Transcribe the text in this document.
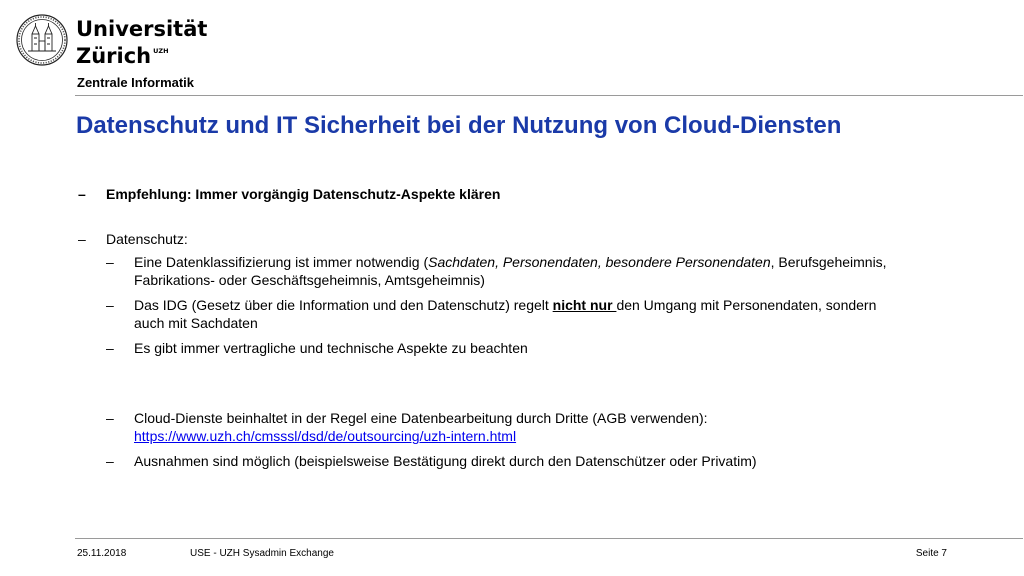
Universität
Zürich $^{UZH}$
Zentrale Informatik
Datenschutz und IT Sicherheit bei der Nutzung von Cloud-Diensten
– Empfehlung: Immer vorgängig Datenschutz-Aspekte klären
– Datenschutz:
– Eine Datenklassifizierung ist immer notwendig (Sachdaten, Personendaten, besondere Personendaten, Berufsgeheimnis,
Fabrikations- oder Geschäftsgeheimnis, Amtsgeheimnis)
– Das IDG (Gesetz über die Information und den Datenschutz) regelt nicht nur den Umgang mit Personendaten, sondern
auch mit Sachdaten
– Es gibt immer vertragliche und technische Aspekte zu beachten
– Cloud-Dienste beinhaltet in der Regel eine Datenbearbeitung durch Dritte (AGB verwenden):
https://www.uzh.ch/cmsssl/dsd/de/outsourcing/uzh-intern.html
– Ausnahmen sind möglich (beispielsweise Bestätigung direkt durch den Datenschützer oder Privatim)
25.11.2018	USE - UZH Sysadmin Exchange	Seite 7
